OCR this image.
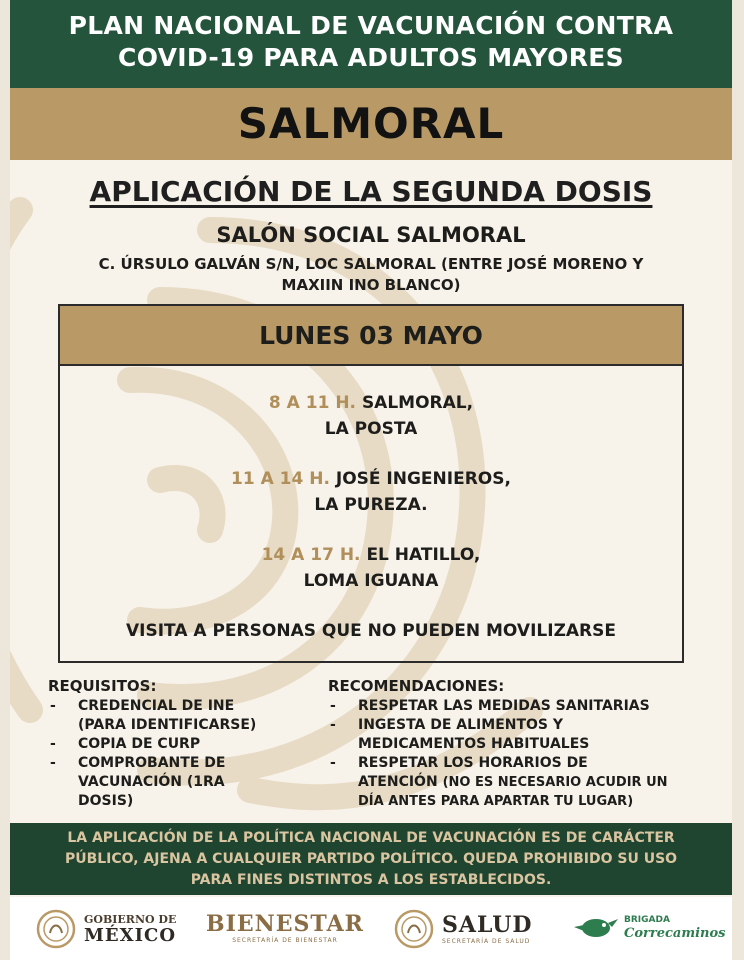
PLAN NACIONAL DE VACUNACIÓN CONTRA
COVID-19 PARA ADULTOS MAYORES
SALMORAL
APLICACIÓN DE LA SEGUNDA DOSIS
SALÓN SOCIAL SALMORAL
C. ÚRSULO GALVÁN S/N, LOC SALMORAL (ENTRE JOSÉ MORENO Y
MAXIIN INO BLANCO)
LUNES 03 MAYO
8 A 11 H. SALMORAL,
LA POSTA
11 A 14 H. JOSÉ INGENIEROS,
LA PUREZA.
14 A 17 H. EL HATILLO,
LOMA IGUANA
VISITA A PERSONAS QUE NO PUEDEN MOVILIZARSE
REQUISITOS:
-	CREDENCIAL DE INE
(PARA IDENTIFICARSE)
-	COPIA DE CURP
-	COMPROBANTE DE
VACUNACIÓN (1RA
DOSIS)
RECOMENDACIONES:
-	RESPETAR LAS MEDIDAS SANITARIAS
-	INGESTA DE ALIMENTOS Y
MEDICAMENTOS HABITUALES
-	RESPETAR LOS HORARIOS DE
ATENCIÓN (NO ES NECESARIO ACUDIR UN
DÍA ANTES PARA APARTAR TU LUGAR)
LA APLICACIÓN DE LA POLÍTICA NACIONAL DE VACUNACIÓN ES DE CARÁCTER
PÚBLICO, AJENA A CUALQUIER PARTIDO POLÍTICO. QUEDA PROHIBIDO SU USO
PARA FINES DISTINTOS A LOS ESTABLECIDOS.
GOBIERNO DE
MÉXICO BIENESTAR
SECRETARÍA DE BIENESTAR
SALUD
SECRETARÍA DE SALUD
BRIGADA
Correcaminos
